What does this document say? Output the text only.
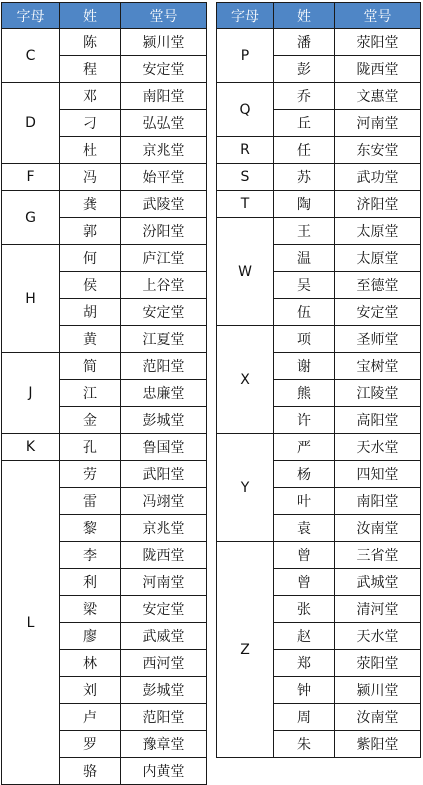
字母	姓	堂号
C	陈	颍川堂
	程	安定堂
D	邓	南阳堂
	刁	弘弘堂
	杜	京兆堂
F	冯	始平堂
G	龚	武陵堂
	郭	汾阳堂
H	何	庐江堂
	侯	上谷堂
	胡	安定堂
	黄	江夏堂
J	简	范阳堂
	江	忠廉堂
	金	彭城堂
K	孔	鲁国堂
L	劳	武阳堂
	雷	冯翊堂
	黎	京兆堂
	李	陇西堂
	利	河南堂
	梁	安定堂
	廖	武威堂
	林	西河堂
	刘	彭城堂
	卢	范阳堂
	罗	豫章堂
	骆	内黄堂
字母	姓	堂号
P	潘	荥阳堂
	彭	陇西堂
Q	乔	文惠堂
	丘	河南堂
R	任	东安堂
S	苏	武功堂
T	陶	济阳堂
W	王	太原堂
	温	太原堂
	吴	至德堂
	伍	安定堂
X	项	圣师堂
	谢	宝树堂
	熊	江陵堂
	许	高阳堂
Y	严	天水堂
	杨	四知堂
	叶	南阳堂
	袁	汝南堂
Z	曾	三省堂
	曾	武城堂
	张	清河堂
	赵	天水堂
	郑	荥阳堂
	钟	颍川堂
	周	汝南堂
	朱	紫阳堂
